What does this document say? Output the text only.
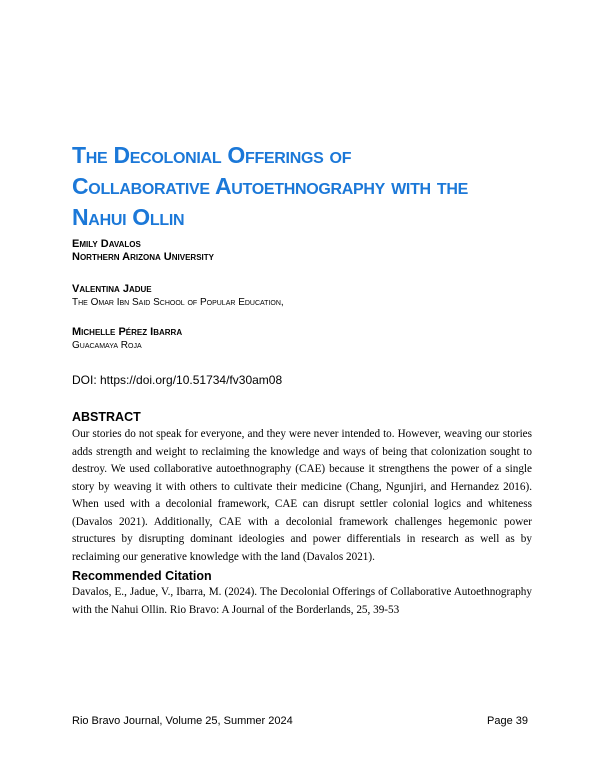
The Decolonial Offerings of
Collaborative Autoethnography with the
Nahui Ollin
Emily Davalos
Northern Arizona University
Valentina Jadue
The Omar Ibn Said School of Popular Education,
Michelle Pérez Ibarra
Guacamaya Roja
DOI: https://doi.org/10.51734/fv30am08
ABSTRACT
Our stories do not speak for everyone, and they were never intended to. However, weaving our stories adds strength and weight to reclaiming the knowledge and ways of being that colonization sought to destroy. We used collaborative autoethnography (CAE) because it strengthens the power of a single story by weaving it with others to cultivate their medicine (Chang, Ngunjiri, and Hernandez 2016). When used with a decolonial framework, CAE can disrupt settler colonial logics and whiteness (Davalos 2021). Additionally, CAE with a decolonial framework challenges hegemonic power structures by disrupting dominant ideologies and power differentials in research as well as by reclaiming our generative knowledge with the land (Davalos 2021).
Recommended Citation
Davalos, E., Jadue, V., Ibarra, M. (2024). The Decolonial Offerings of Collaborative Autoethnography with the Nahui Ollin. Rio Bravo: A Journal of the Borderlands, 25, 39-53
Rio Bravo Journal, Volume 25, Summer 2024	Page 39
